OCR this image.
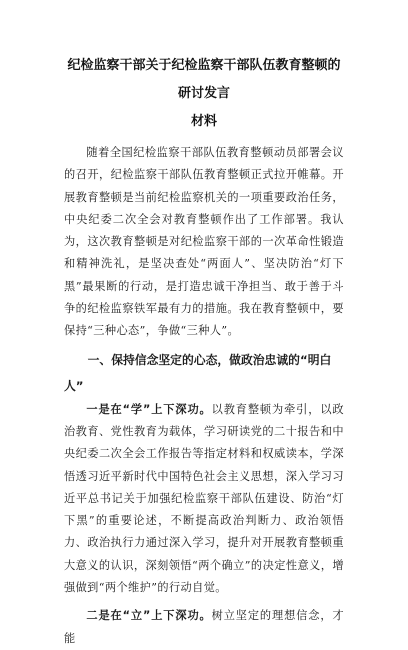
纪检监察干部关于纪检监察干部队伍教育整顿的研讨发言
材料

随着全国纪检监察干部队伍教育整顿动员部署会议的召开，纪检监察干部队伍教育整顿正式拉开帷幕。开展教育整顿是当前纪检监察机关的一项重要政治任务，中央纪委二次全会对教育整顿作出了工作部署。我认为，这次教育整顿是对纪检监察干部的一次革命性锻造和精神洗礼，是坚决查处“两面人”、坚决防治“灯下黑”最果断的行动，是打造忠诚干净担当、敢于善于斗争的纪检监察铁军最有力的措施。我在教育整顿中，要保持“三种心态”，争做“三种人”。

一、保持信念坚定的心态，做政治忠诚的“明白人”

一是在“学”上下深功。以教育整顿为牵引，以政治教育、党性教育为载体，学习研读党的二十报告和中央纪委二次全会工作报告等指定材料和权威读本，学深悟透习近平新时代中国特色社会主义思想，深入学习习近平总书记关于加强纪检监察干部队伍建设、防治“灯下黑”的重要论述，不断提高政治判断力、政治领悟力、政治执行力通过深入学习，提升对开展教育整顿重大意义的认识，深刻领悟“两个确立”的决定性意义，增强做到“两个维护”的行动自觉。

二是在“立”上下深功。树立坚定的理想信念，才能
